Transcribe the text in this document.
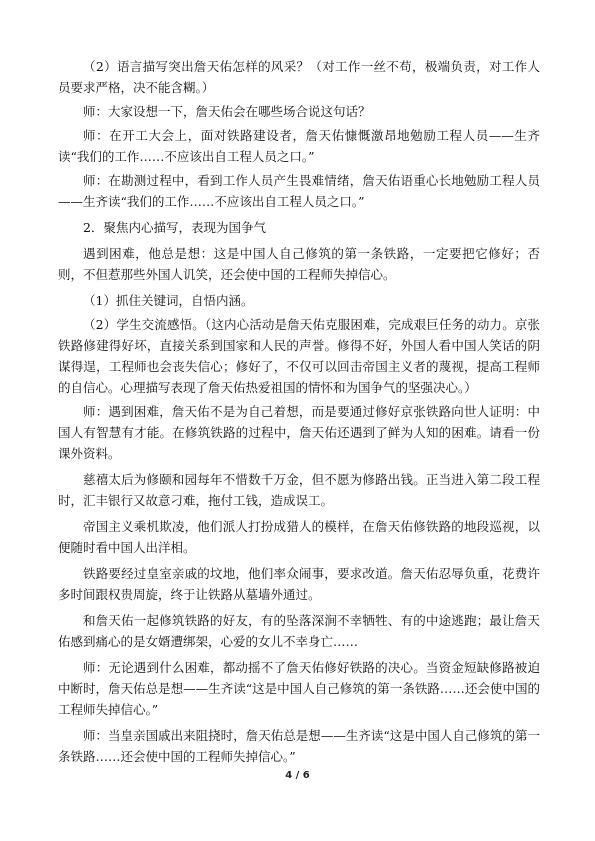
（2）语言描写突出詹天佑怎样的风采？（对工作一丝不苟，极端负责，对工作人员要求严格，决不能含糊。）

师：大家设想一下，詹天佑会在哪些场合说这句话？

师：在开工大会上，面对铁路建设者，詹天佑慷慨激昂地勉励工程人员——生齐读“我们的工作……不应该出自工程人员之口。”

师：在勘测过程中，看到工作人员产生畏难情绪，詹天佑语重心长地勉励工程人员——生齐读“我们的工作……不应该出自工程人员之口。”

2．聚焦内心描写，表现为国争气

遇到困难，他总是想：这是中国人自己修筑的第一条铁路，一定要把它修好；否则，不但惹那些外国人讥笑，还会使中国的工程师失掉信心。

（1）抓住关键词，自悟内涵。

（2）学生交流感悟。（这内心活动是詹天佑克服困难，完成艰巨任务的动力。京张铁路修建得好坏，直接关系到国家和人民的声誉。修得不好，外国人看中国人笑话的阴谋得逞，工程师也会丧失信心；修好了，不仅可以回击帝国主义者的蔑视，提高工程师的自信心。心理描写表现了詹天佑热爱祖国的情怀和为国争气的坚强决心。）

师：遇到困难，詹天佑不是为自己着想，而是要通过修好京张铁路向世人证明：中国人有智慧有才能。在修筑铁路的过程中，詹天佑还遇到了鲜为人知的困难。请看一份课外资料。

慈禧太后为修颐和园每年不惜数千万金，但不愿为修路出钱。正当进入第二段工程时，汇丰银行又故意刁难，拖付工钱，造成误工。

帝国主义乘机欺凌，他们派人打扮成猎人的模样，在詹天佑修铁路的地段巡视，以便随时看中国人出洋相。

铁路要经过皇室亲戚的坟地，他们率众闹事，要求改道。詹天佑忍辱负重，花费许多时间跟权贵周旋，终于让铁路从墓墙外通过。

和詹天佑一起修筑铁路的好友，有的坠落深涧不幸牺牲、有的中途逃跑；最让詹天佑感到痛心的是女婿遭绑架，心爱的女儿不幸身亡……

师：无论遇到什么困难，都动摇不了詹天佑修好铁路的决心。当资金短缺修路被迫中断时，詹天佑总是想——生齐读“这是中国人自己修筑的第一条铁路……还会使中国的工程师失掉信心。”

师：当皇亲国戚出来阻挠时，詹天佑总是想——生齐读“这是中国人自己修筑的第一条铁路……还会使中国的工程师失掉信心。”

4 / 6
